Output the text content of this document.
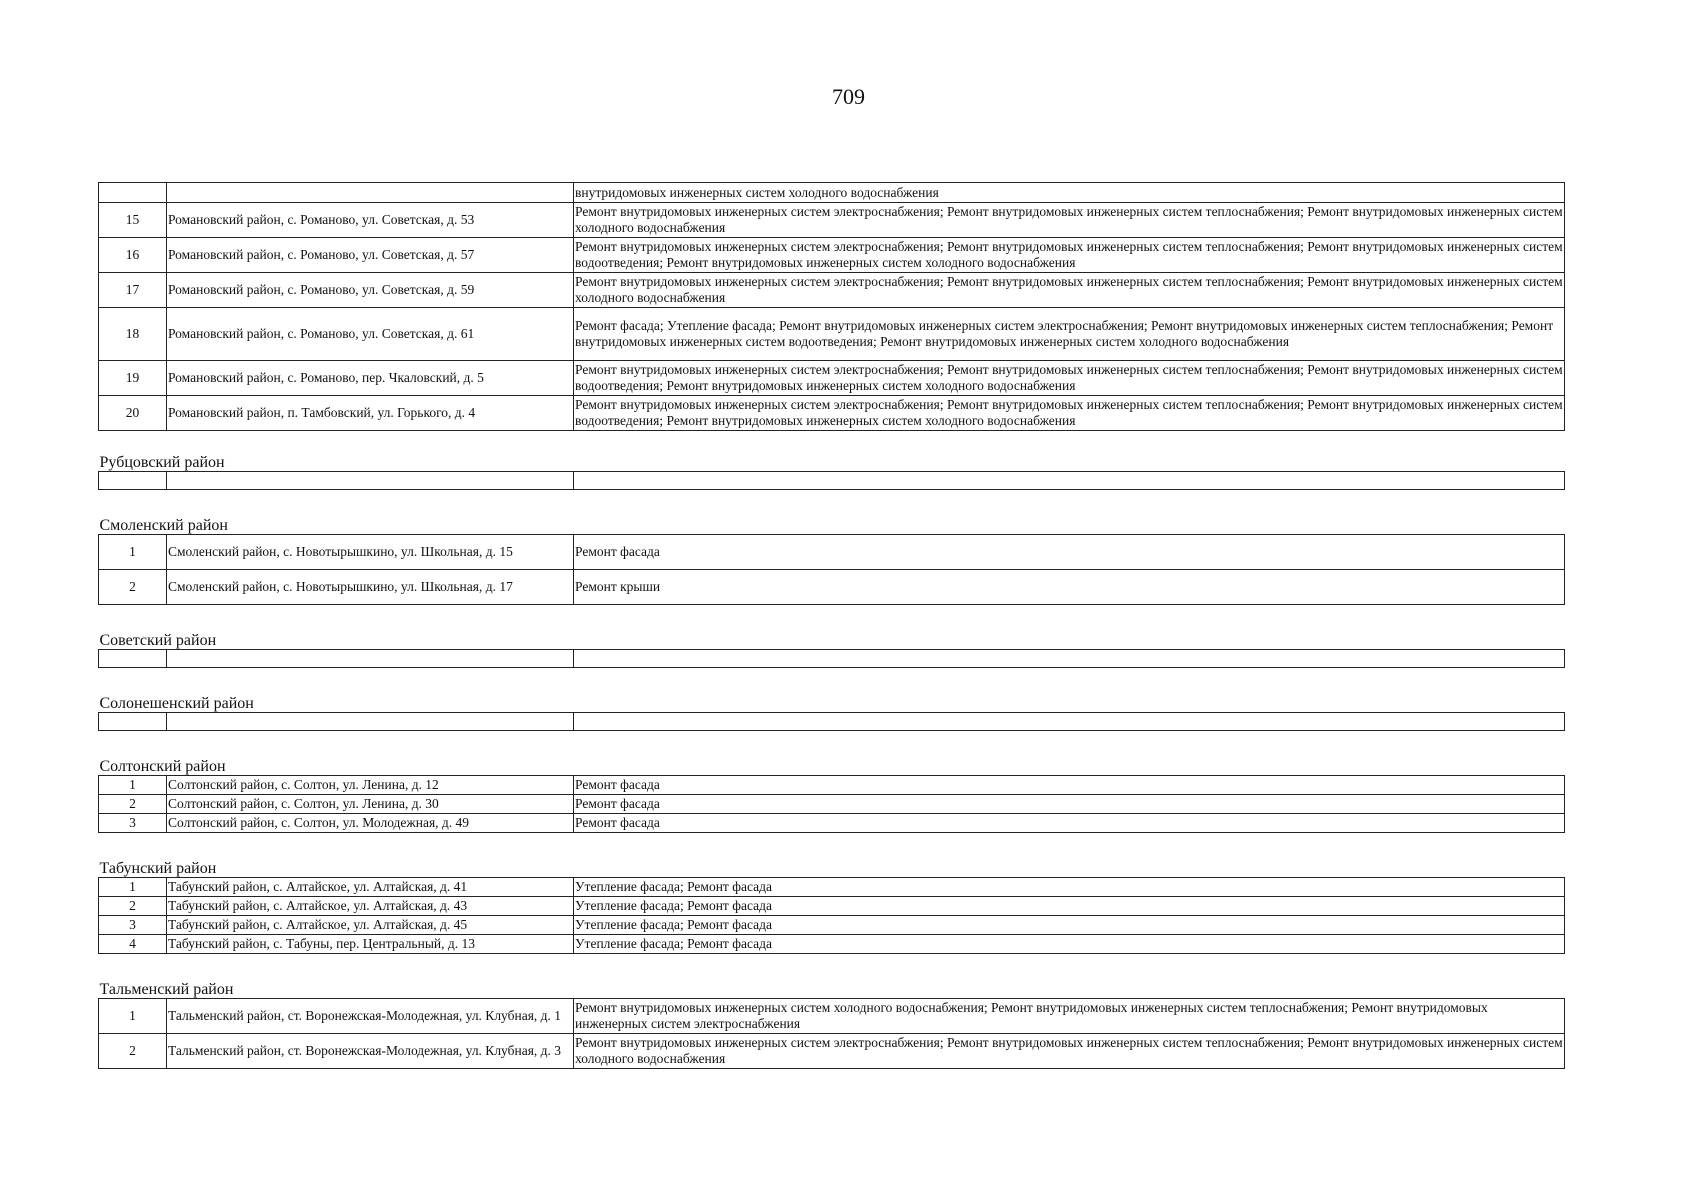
709
		внутридомовых инженерных систем холодного водоснабжения
15	Романовский район, с. Романово, ул. Советская, д. 53	Ремонт внутридомовых инженерных систем электроснабжения; Ремонт внутридомовых инженерных систем теплоснабжения; Ремонт внутридомовых инженерных систем холодного водоснабжения
16	Романовский район, с. Романово, ул. Советская, д. 57	Ремонт внутридомовых инженерных систем электроснабжения; Ремонт внутридомовых инженерных систем теплоснабжения; Ремонт внутридомовых инженерных систем водоотведения; Ремонт внутридомовых инженерных систем холодного водоснабжения
17	Романовский район, с. Романово, ул. Советская, д. 59	Ремонт внутридомовых инженерных систем электроснабжения; Ремонт внутридомовых инженерных систем теплоснабжения; Ремонт внутридомовых инженерных систем холодного водоснабжения
18	Романовский район, с. Романово, ул. Советская, д. 61	Ремонт фасада; Утепление фасада; Ремонт внутридомовых инженерных систем электроснабжения; Ремонт внутридомовых инженерных систем теплоснабжения; Ремонт внутридомовых инженерных систем водоотведения; Ремонт внутридомовых инженерных систем холодного водоснабжения
19	Романовский район, с. Романово, пер. Чкаловский, д. 5	Ремонт внутридомовых инженерных систем электроснабжения; Ремонт внутридомовых инженерных систем теплоснабжения; Ремонт внутридомовых инженерных систем водоотведения; Ремонт внутридомовых инженерных систем холодного водоснабжения
20	Романовский район, п. Тамбовский, ул. Горького, д. 4	Ремонт внутридомовых инженерных систем электроснабжения; Ремонт внутридомовых инженерных систем теплоснабжения; Ремонт внутридомовых инженерных систем водоотведения; Ремонт внутридомовых инженерных систем холодного водоснабжения
Рубцовский район		

Смоленский район		
1	Смоленский район, с. Новотырышкино, ул. Школьная, д. 15	Ремонт фасада
2	Смоленский район, с. Новотырышкино, ул. Школьная, д. 17	Ремонт крыши
Советский район		

Солонешенский район		

Солтонский район		
1	Солтонский район, с. Солтон, ул. Ленина, д. 12	Ремонт фасада
2	Солтонский район, с. Солтон, ул. Ленина, д. 30	Ремонт фасада
3	Солтонский район, с. Солтон, ул. Молодежная, д. 49	Ремонт фасада
Табунский район		
1	Табунский район, с. Алтайское, ул. Алтайская, д. 41	Утепление фасада; Ремонт фасада
2	Табунский район, с. Алтайское, ул. Алтайская, д. 43	Утепление фасада; Ремонт фасада
3	Табунский район, с. Алтайское, ул. Алтайская, д. 45	Утепление фасада; Ремонт фасада
4	Табунский район, с. Табуны, пер. Центральный, д. 13	Утепление фасада; Ремонт фасада
Тальменский район		
1	Тальменский район, ст. Воронежская-Молодежная, ул. Клубная, д. 1	Ремонт внутридомовых инженерных систем холодного водоснабжения; Ремонт внутридомовых инженерных систем теплоснабжения; Ремонт внутридомовых инженерных систем электроснабжения
2	Тальменский район, ст. Воронежская-Молодежная, ул. Клубная, д. 3	Ремонт внутридомовых инженерных систем электроснабжения; Ремонт внутридомовых инженерных систем теплоснабжения; Ремонт внутридомовых инженерных систем холодного водоснабжения
